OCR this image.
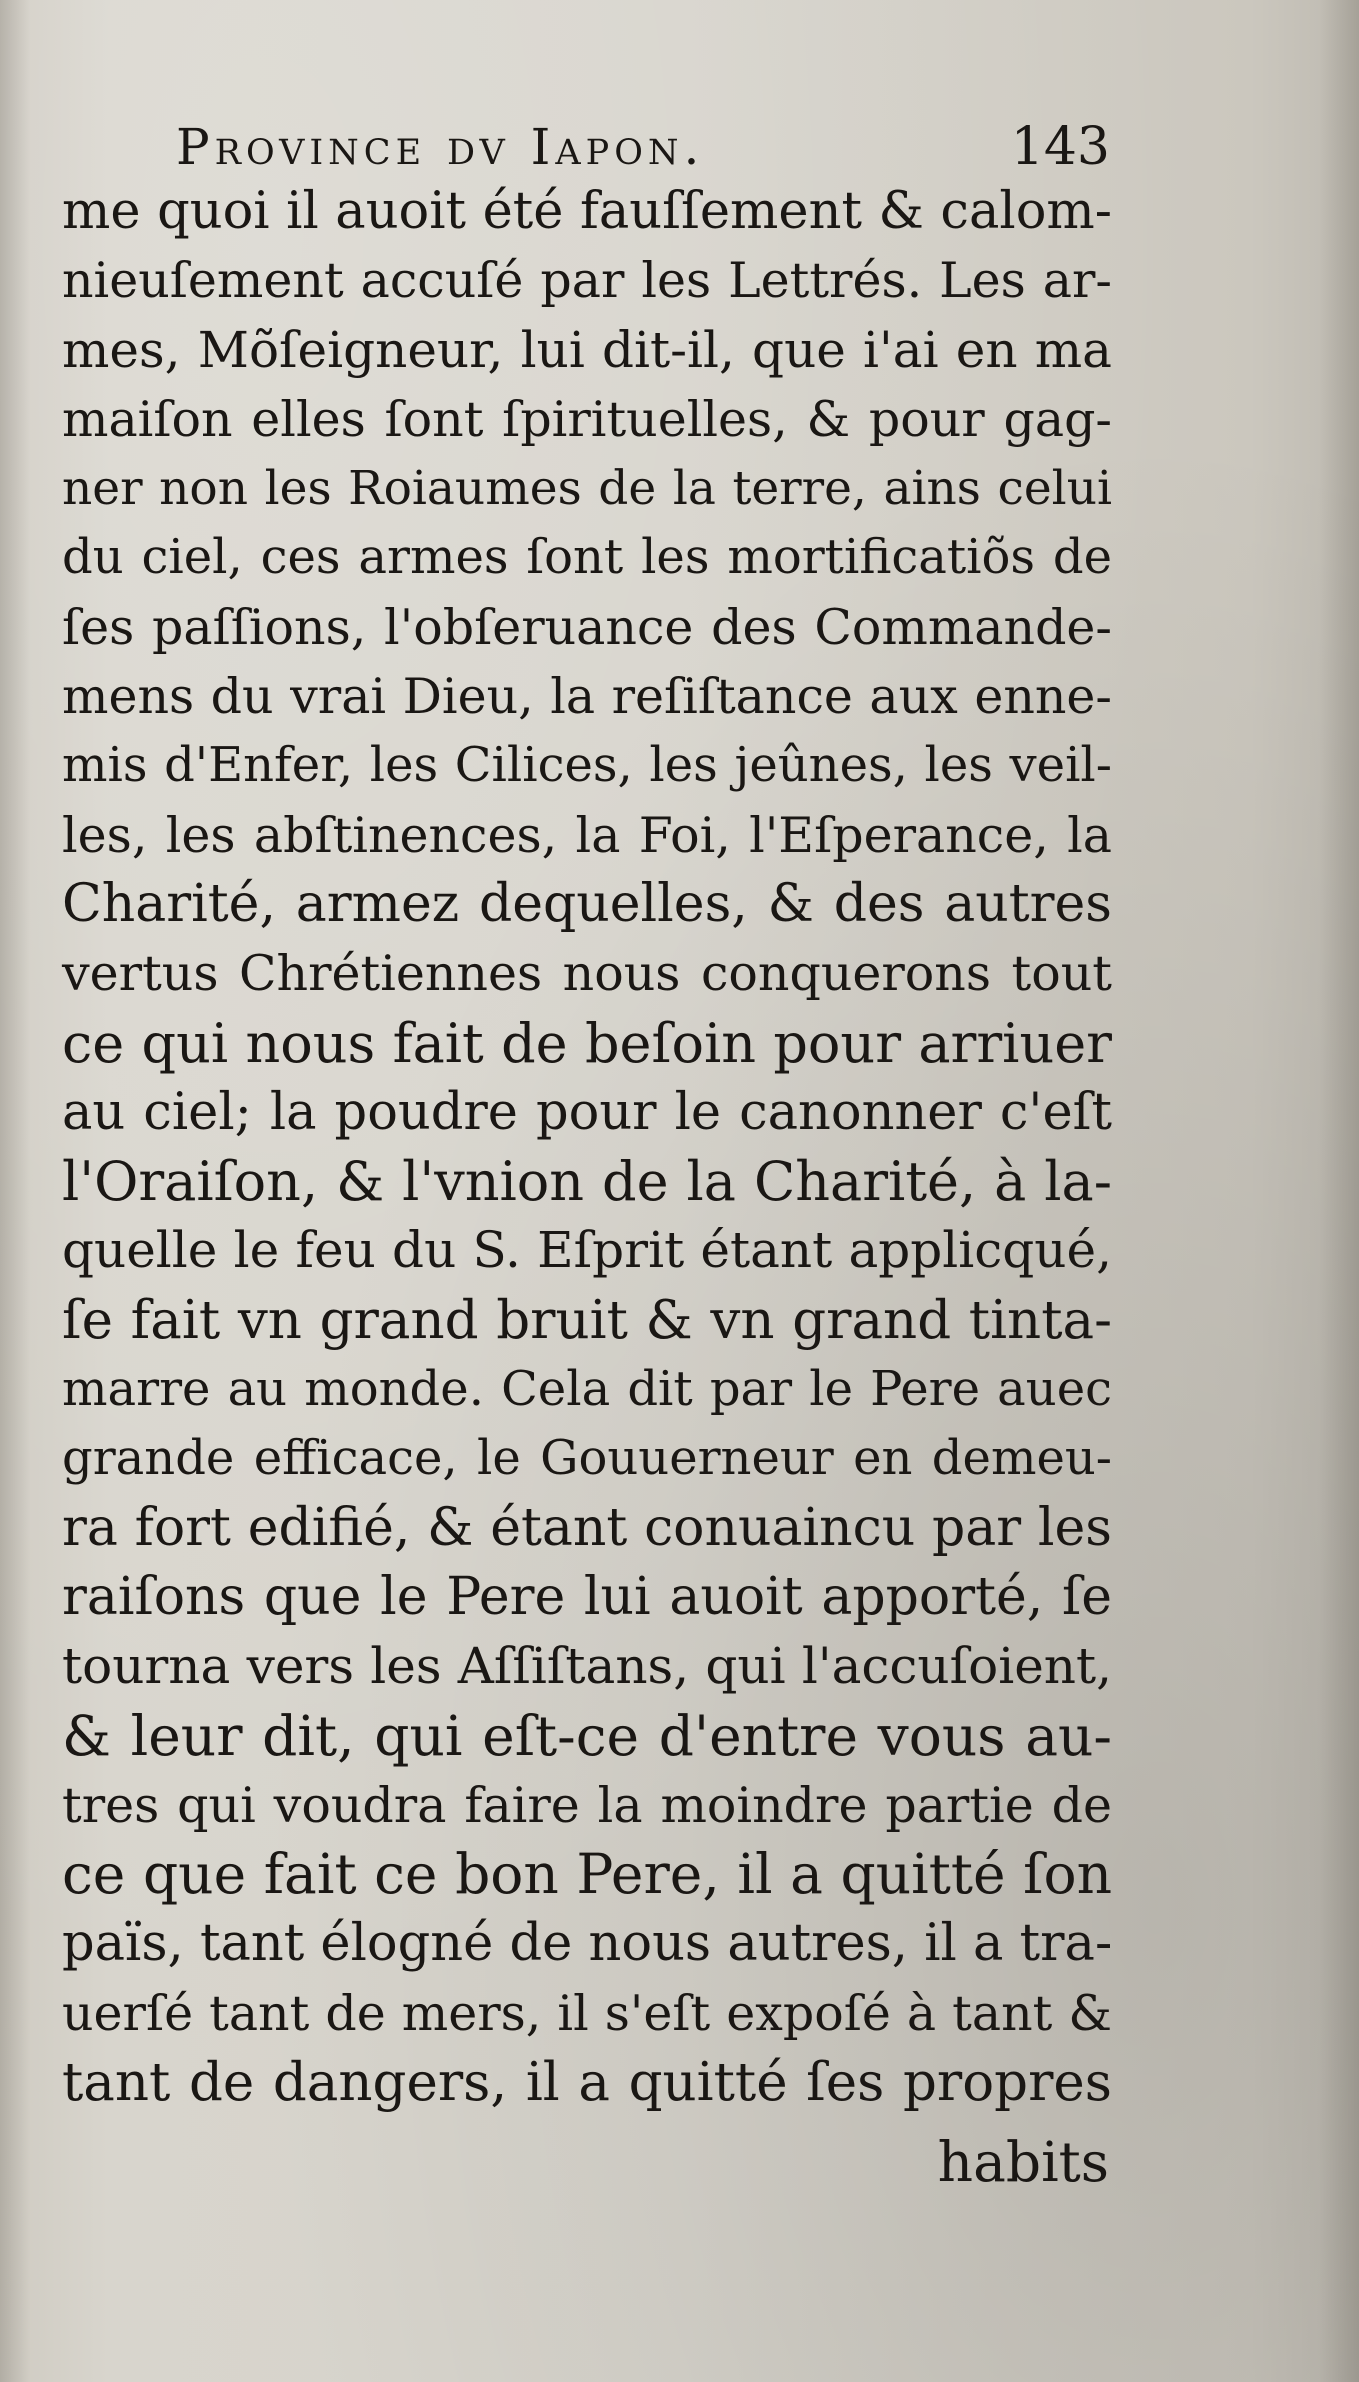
Province dv Iapon.	143
me quoi il auoit été fauſſement & calom-
nieuſement accuſé par les Lettrés. Les ar-
mes, Mõſeigneur, lui dit-il, que i'ai en ma
maiſon elles ſont ſpirituelles, & pour gag-
ner non les Roiaumes de la terre, ains celui
du ciel, ces armes ſont les mortificatiõs de
ſes paſſions, l'obſeruance des Commande-
mens du vrai Dieu, la reſiſtance aux enne-
mis d'Enfer, les Cilices, les jeûnes, les veil-
les, les abſtinences, la Foi, l'Eſperance, la
Charité, armez dequelles, & des autres
vertus Chrétiennes nous conquerons tout
ce qui nous fait de beſoin pour arriuer
au ciel; la poudre pour le canonner c'eſt
l'Oraiſon, & l'vnion de la Charité, à la-
quelle le feu du S. Eſprit étant applicqué,
ſe fait vn grand bruit & vn grand tinta-
marre au monde. Cela dit par le Pere auec
grande efficace, le Gouuerneur en demeu-
ra fort edifié, & étant conuaincu par les
raiſons que le Pere lui auoit apporté, ſe
tourna vers les Aſſiſtans, qui l'accuſoient,
& leur dit, qui eſt-ce d'entre vous au-
tres qui voudra faire la moindre partie de
ce que fait ce bon Pere, il a quitté ſon
païs, tant élogné de nous autres, il a tra-
uerſé tant de mers, il s'eſt expoſé à tant &
tant de dangers, il a quitté ſes propres
habits
